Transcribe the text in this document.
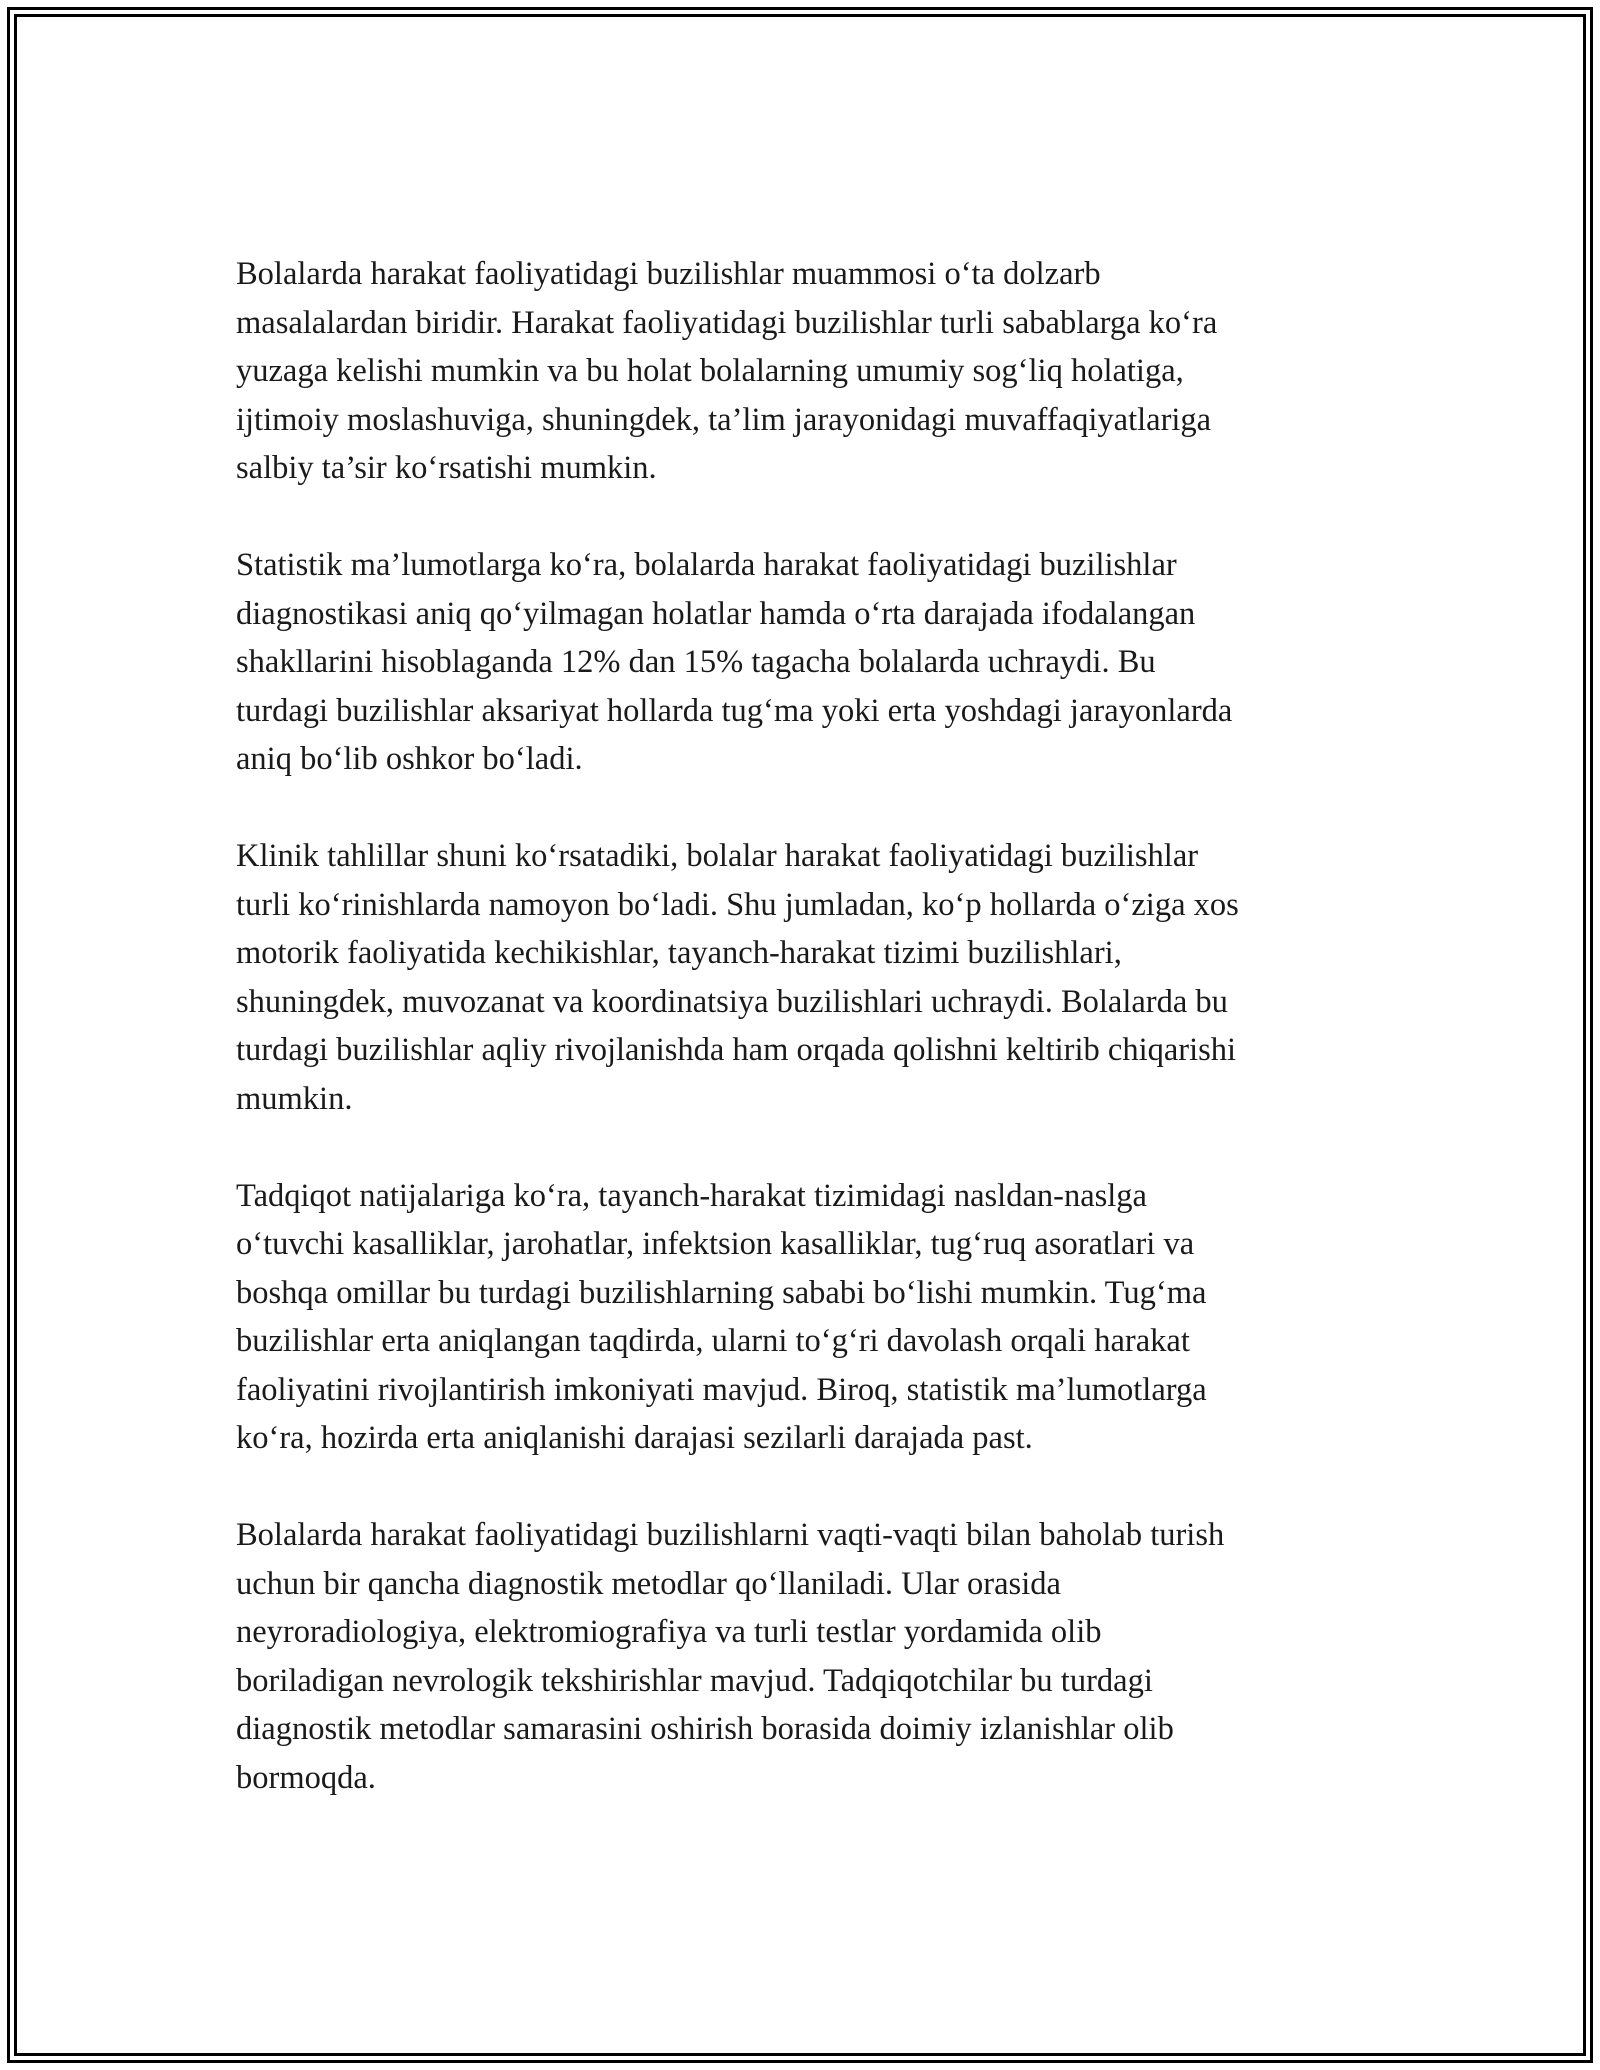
Bolalarda harakat faoliyatidagi buzilishlar muammosi o‘ta dolzarb
masalalardan biridir. Harakat faoliyatidagi buzilishlar turli sabablarga ko‘ra
yuzaga kelishi mumkin va bu holat bolalarning umumiy sog‘liq holatiga,
ijtimoiy moslashuviga, shuningdek, ta’lim jarayonidagi muvaffaqiyatlariga
salbiy ta’sir ko‘rsatishi mumkin.

Statistik ma’lumotlarga ko‘ra, bolalarda harakat faoliyatidagi buzilishlar
diagnostikasi aniq qo‘yilmagan holatlar hamda o‘rta darajada ifodalangan
shakllarini hisoblaganda 12% dan 15% tagacha bolalarda uchraydi. Bu
turdagi buzilishlar aksariyat hollarda tug‘ma yoki erta yoshdagi jarayonlarda
aniq bo‘lib oshkor bo‘ladi.

Klinik tahlillar shuni ko‘rsatadiki, bolalar harakat faoliyatidagi buzilishlar
turli ko‘rinishlarda namoyon bo‘ladi. Shu jumladan, ko‘p hollarda o‘ziga xos
motorik faoliyatida kechikishlar, tayanch-harakat tizimi buzilishlari,
shuningdek, muvozanat va koordinatsiya buzilishlari uchraydi. Bolalarda bu
turdagi buzilishlar aqliy rivojlanishda ham orqada qolishni keltirib chiqarishi
mumkin.

Tadqiqot natijalariga ko‘ra, tayanch-harakat tizimidagi nasldan-naslga
o‘tuvchi kasalliklar, jarohatlar, infektsion kasalliklar, tug‘ruq asoratlari va
boshqa omillar bu turdagi buzilishlarning sababi bo‘lishi mumkin. Tug‘ma
buzilishlar erta aniqlangan taqdirda, ularni to‘g‘ri davolash orqali harakat
faoliyatini rivojlantirish imkoniyati mavjud. Biroq, statistik ma’lumotlarga
ko‘ra, hozirda erta aniqlanishi darajasi sezilarli darajada past.

Bolalarda harakat faoliyatidagi buzilishlarni vaqti-vaqti bilan baholab turish
uchun bir qancha diagnostik metodlar qo‘llaniladi. Ular orasida
neyroradiologiya, elektromiografiya va turli testlar yordamida olib
boriladigan nevrologik tekshirishlar mavjud. Tadqiqotchilar bu turdagi
diagnostik metodlar samarasini oshirish borasida doimiy izlanishlar olib
bormoqda.
